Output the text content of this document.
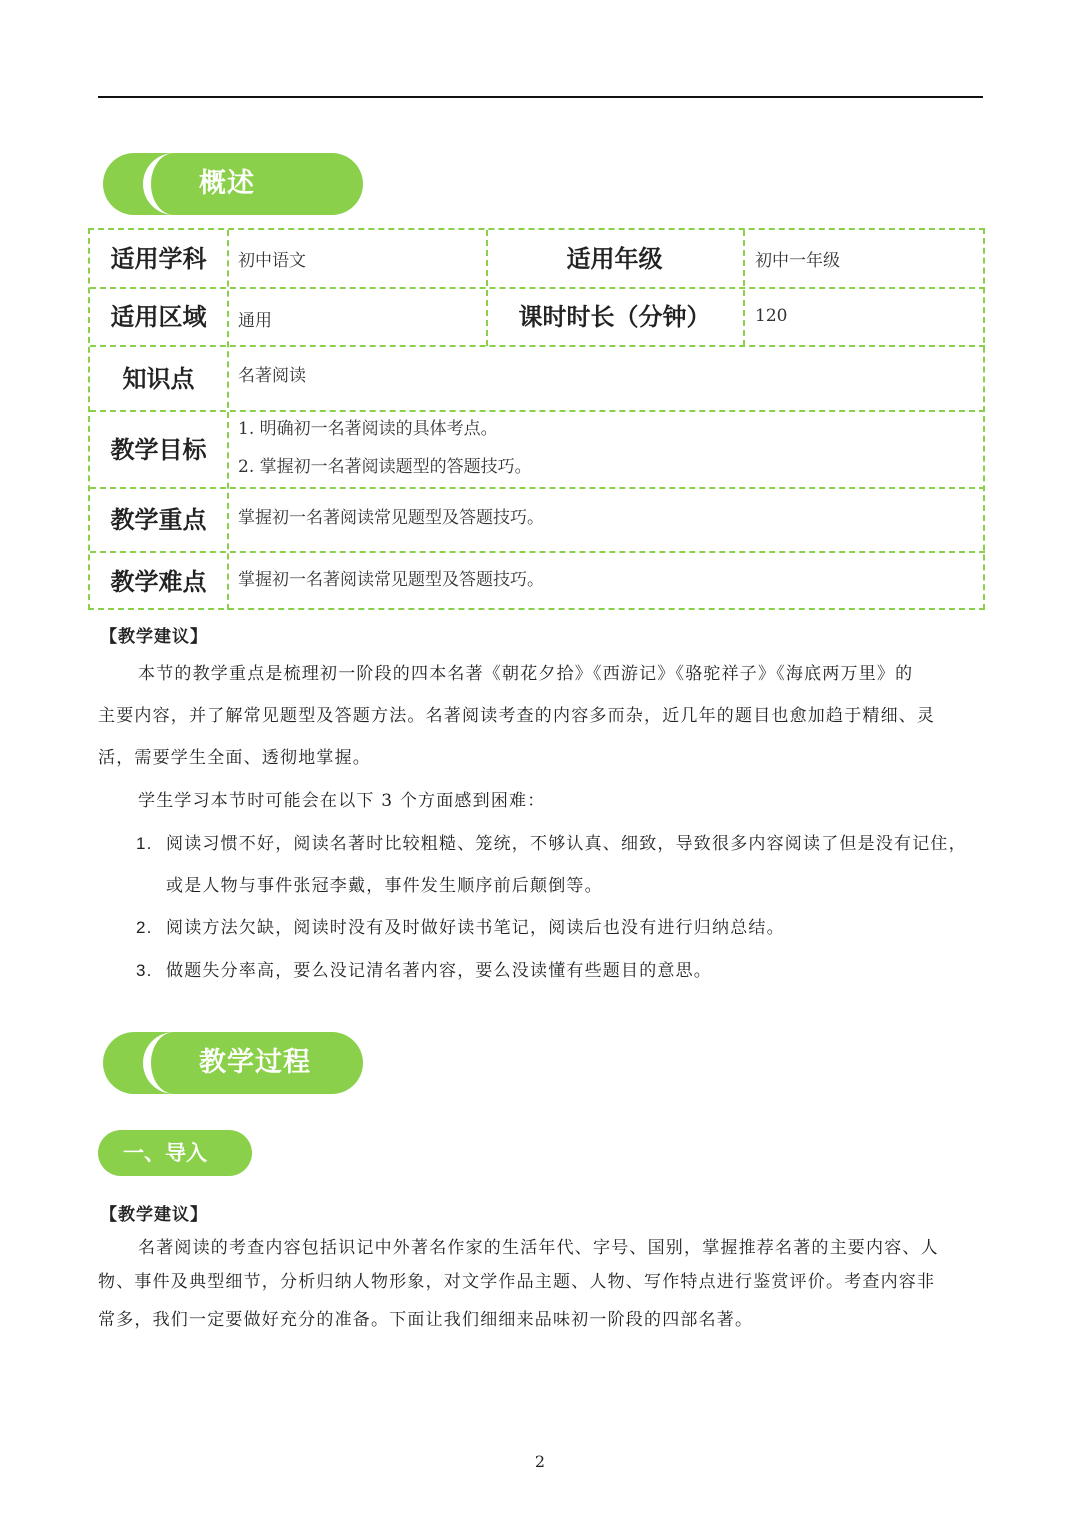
概述
适用学科	初中语文	适用年级	初中一年级
适用区域	通用	课时时长（分钟）	120
知识点	名著阅读
教学目标
1. 明确初一名著阅读的具体考点。
2. 掌握初一名著阅读题型的答题技巧。
教学重点	掌握初一名著阅读常见题型及答题技巧。
教学难点	掌握初一名著阅读常见题型及答题技巧。
【教学建议】
本节的教学重点是梳理初一阶段的四本名著《朝花夕拾》《西游记》《骆驼祥子》《海底两万里》的
主要内容，并了解常见题型及答题方法。名著阅读考查的内容多而杂，近几年的题目也愈加趋于精细、灵
活，需要学生全面、透彻地掌握。
学生学习本节时可能会在以下 3 个方面感到困难：
1. 阅读习惯不好，阅读名著时比较粗糙、笼统，不够认真、细致，导致很多内容阅读了但是没有记住，
或是人物与事件张冠李戴，事件发生顺序前后颠倒等。
2. 阅读方法欠缺，阅读时没有及时做好读书笔记，阅读后也没有进行归纳总结。
3. 做题失分率高，要么没记清名著内容，要么没读懂有些题目的意思。
教学过程
一、导入
【教学建议】
名著阅读的考查内容包括识记中外著名作家的生活年代、字号、国别，掌握推荐名著的主要内容、人
物、事件及典型细节，分析归纳人物形象，对文学作品主题、人物、写作特点进行鉴赏评价。考查内容非
常多，我们一定要做好充分的准备。下面让我们细细来品味初一阶段的四部名著。
2
